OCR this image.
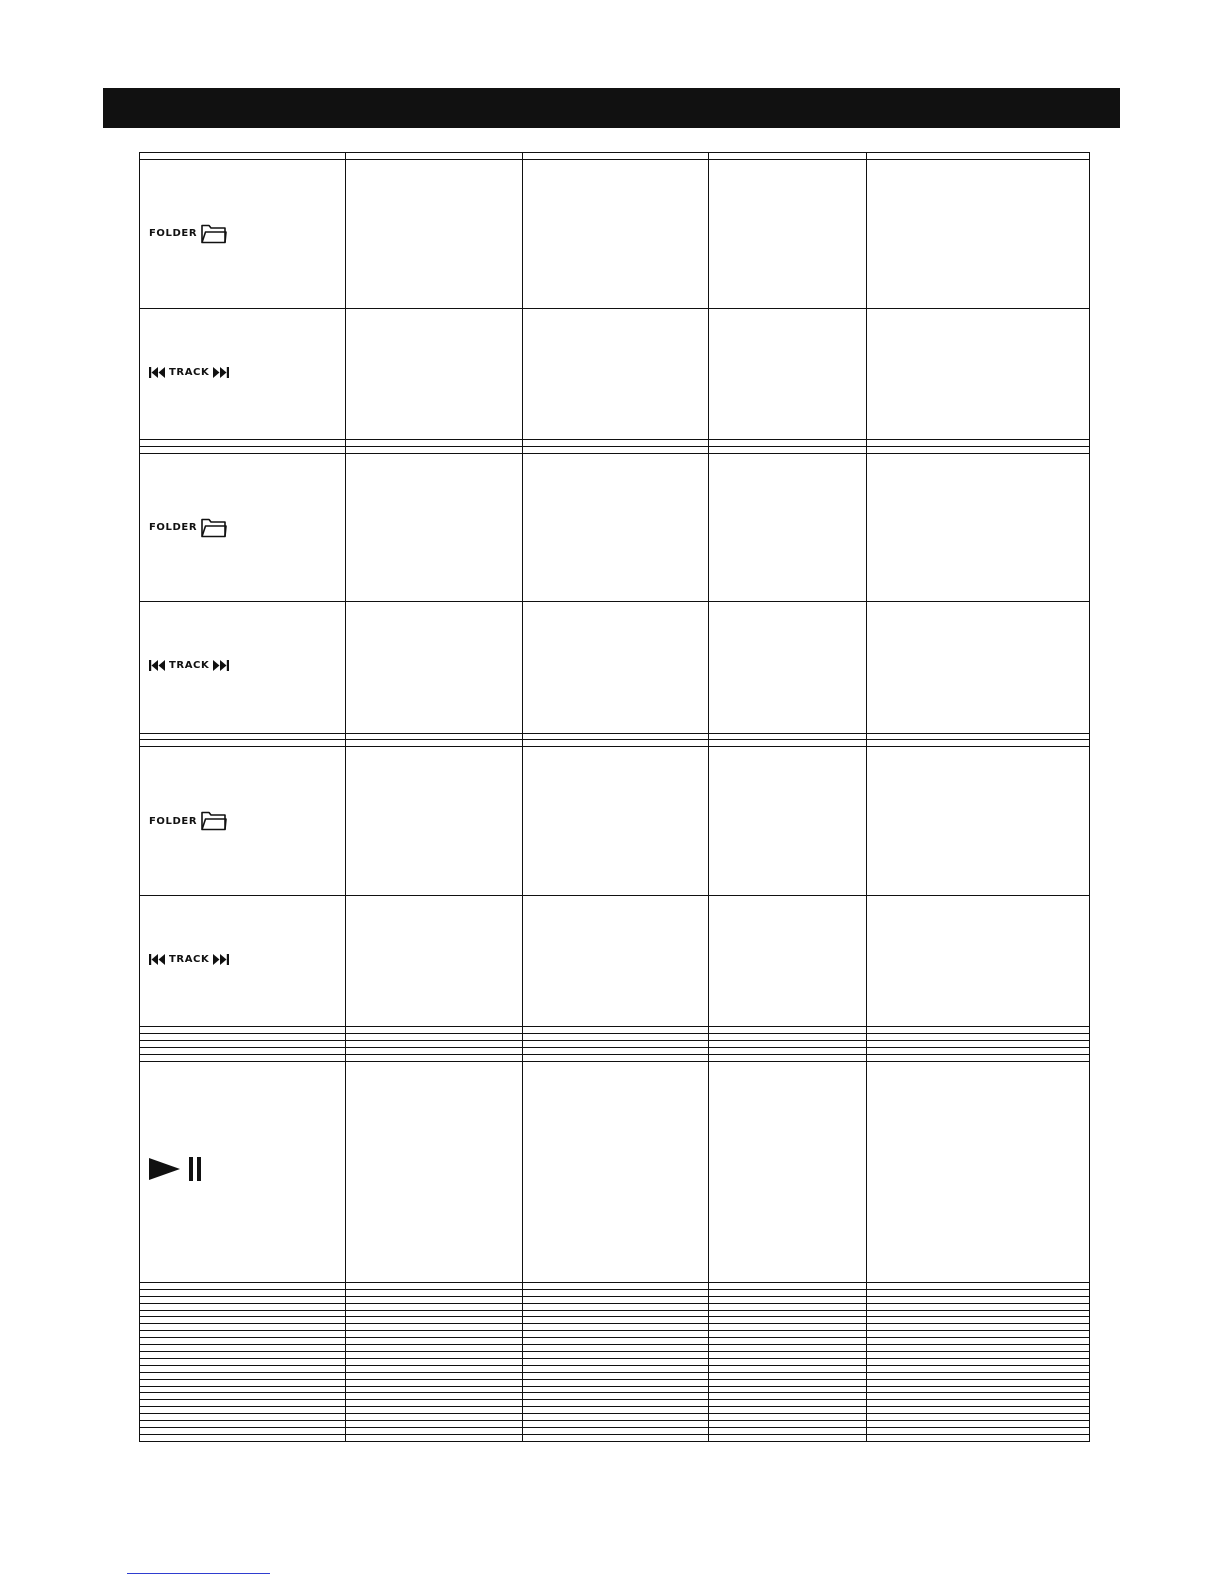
FOLDER				

TRACK				

FOLDER				

TRACK				

FOLDER				

TRACK				
